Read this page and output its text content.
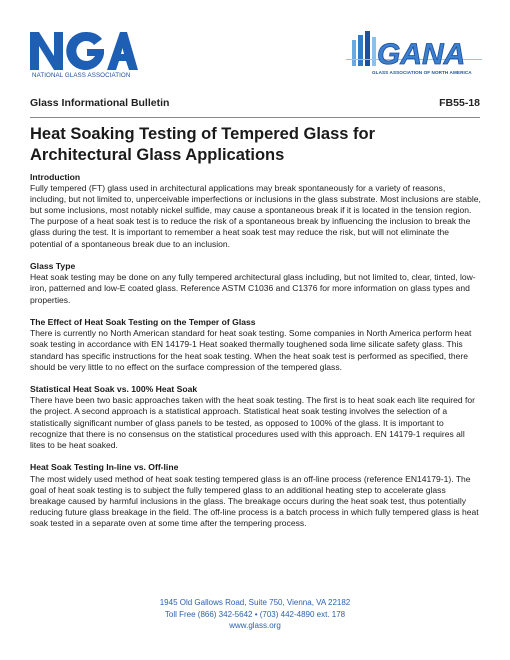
NATIONAL GLASS ASSOCIATION
GANA
GLASS ASSOCIATION OF NORTH AMERICA
Glass Informational Bulletin	FB55-18
Heat Soaking Testing of Tempered Glass for Architectural Glass Applications
Introduction

Fully tempered (FT) glass used in architectural applications may break spontaneously for a variety of reasons, including, but not limited to, unperceivable imperfections or inclusions in the glass substrate. Most inclusions are stable, but some inclusions, most notably nickel sulfide, may cause a spontaneous break if it is located in the tension region. The purpose of a heat soak test is to reduce the risk of a spontaneous break by influencing the inclusion to break the glass during the test. It is important to remember a heat soak test may reduce the risk, but will not eliminate the potential of a spontaneous break due to an inclusion.

Glass Type

Heat soak testing may be done on any fully tempered architectural glass including, but not limited to, clear, tinted, low-iron, patterned and low-E coated glass. Reference ASTM C1036 and C1376 for more information on glass types and properties.

The Effect of Heat Soak Testing on the Temper of Glass

There is currently no North American standard for heat soak testing. Some companies in North America perform heat soak testing in accordance with EN 14179-1 Heat soaked thermally toughened soda lime silicate safety glass. This standard has specific instructions for the heat soak testing. When the heat soak test is performed as specified, there should be very little to no effect on the surface compression of the tempered glass.

Statistical Heat Soak vs. 100% Heat Soak

There have been two basic approaches taken with the heat soak testing. The first is to heat soak each lite required for the project. A second approach is a statistical approach. Statistical heat soak testing involves the selection of a statistically significant number of glass panels to be tested, as opposed to 100% of the glass. It is important to recognize that there is no consensus on the statistical procedures used with this approach. EN 14179-1 requires all lites to be heat soaked.

Heat Soak Testing In-line vs. Off-line

The most widely used method of heat soak testing tempered glass is an off-line process (reference EN14179-1). The goal of heat soak testing is to subject the fully tempered glass to an additional heating step to accelerate glass breakage caused by harmful inclusions in the glass. The breakage occurs during the heat soak test, thus potentially reducing future glass breakage in the field. The off-line process is a batch process in which fully tempered glass is heat soak tested in a separate oven at some time after the tempering process.

1945 Old Gallows Road, Suite 750, Vienna, VA 22182
Toll Free (866) 342-5642 • (703) 442-4890 ext. 178
www.glass.org
